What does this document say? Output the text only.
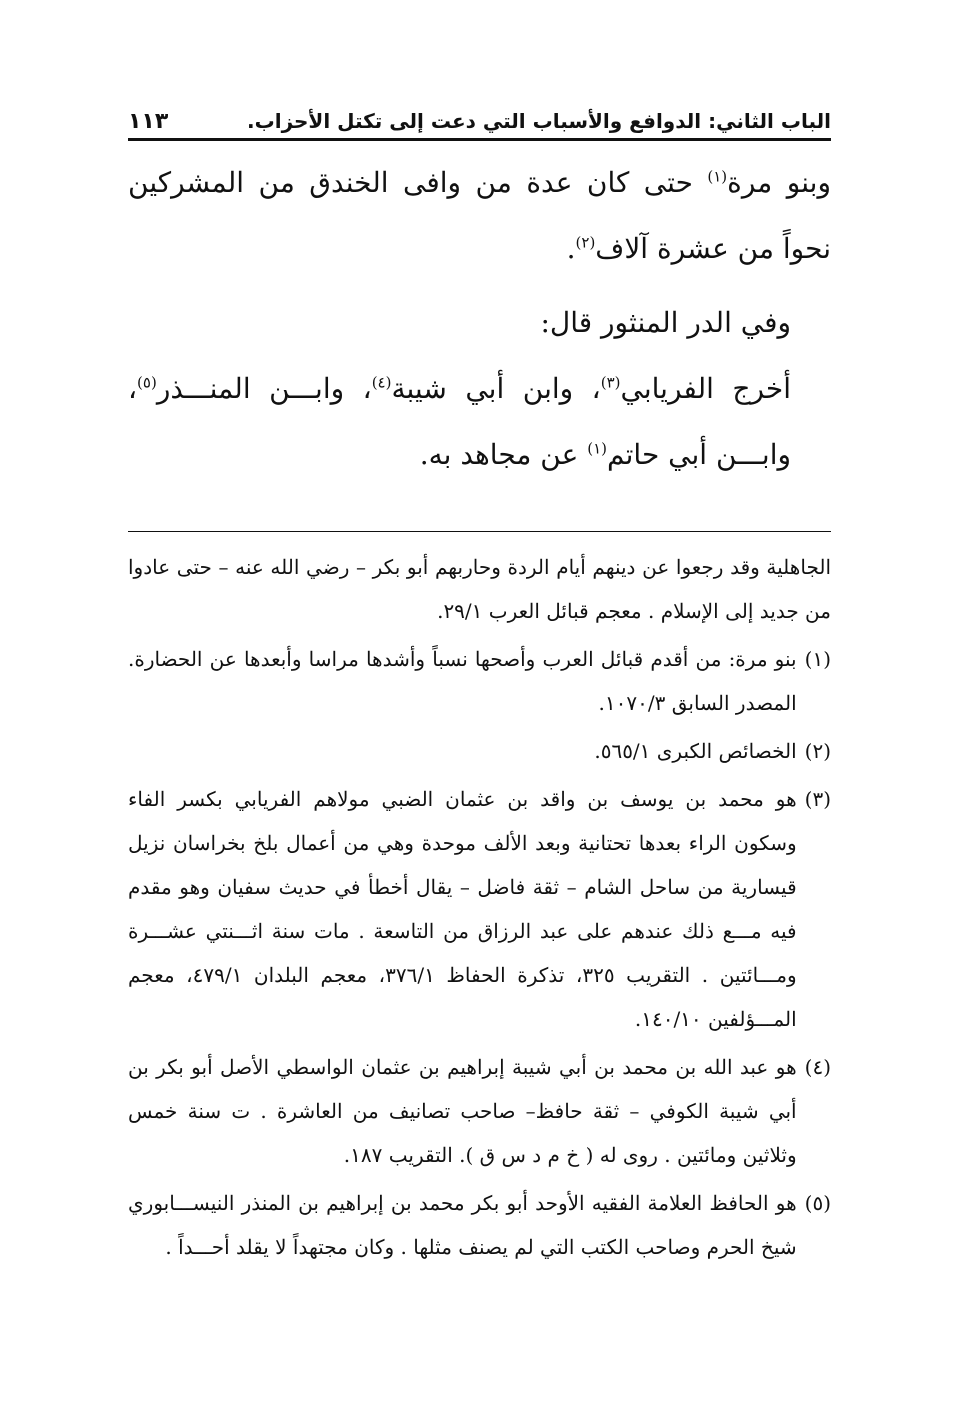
الباب الثاني: الدوافع والأسباب التي دعت إلى تكتل الأحزاب.
١١٣

وبنو مرة$^{(١)}$ حتى كان عدة من وافى الخندق من المشركين نحواً من عشرة آلاف$^{(٢)}$.

وفي الدر المنثور قال:

أخرج الفريابي$^{(٣)}$، وابن أبي شيبة$^{(٤)}$، وابـــن المنـــذر$^{(٥)}$، وابـــن أبي حاتم$^{(١)}$ عن مجاهد به.

الجاهلية وقد رجعوا عن دينهم أيام الردة وحاربهم أبو بكر – رضي الله عنه – حتى عادوا من جديد إلى الإسلام . معجم قبائل العرب ٢٩/١.

(١)
بنو مرة: من أقدم قبائل العرب وأصحها نسباً وأشدها مراسا وأبعدها عن الحضارة. المصدر السابق ١٠٧٠/٣.
(٢)
الخصائص الكبرى ٥٦٥/١.
(٣)
هو محمد بن يوسف بن واقد بن عثمان الضبي مولاهم الفريابي بكسر الفاء وسكون الراء بعدها تحتانية وبعد الألف موحدة وهي من أعمال بلخ بخراسان نزيل قيسارية من ساحل الشام – ثقة فاضل – يقال أخطأ في حديث سفيان وهو مقدم فيه مـــع ذلك عندهم على عبد الرزاق من التاسعة . مات سنة اثـــنتي عشـــرة ومـــائتين . التقريب ٣٢٥، تذكرة الحفاظ ٣٧٦/١، معجم البلدان ٤٧٩/١، معجم المـــؤلفين ١٤٠/١٠.
(٤)
هو عبد الله بن محمد بن أبي شيبة إبراهيم بن عثمان الواسطي الأصل أبو بكر بن أبي شيبة الكوفي – ثقة حافظ– صاحب تصانيف من العاشرة . ت سنة خمس وثلاثين ومائتين . روى له ( خ م د س ق ). التقريب ١٨٧.
(٥)
هو الحافظ العلامة الفقيه الأوحد أبو بكر محمد بن إبراهيم بن المنذر النيســـابوري شيخ الحرم وصاحب الكتب التي لم يصنف مثلها . وكان مجتهداً لا يقلد أحـــداً .
